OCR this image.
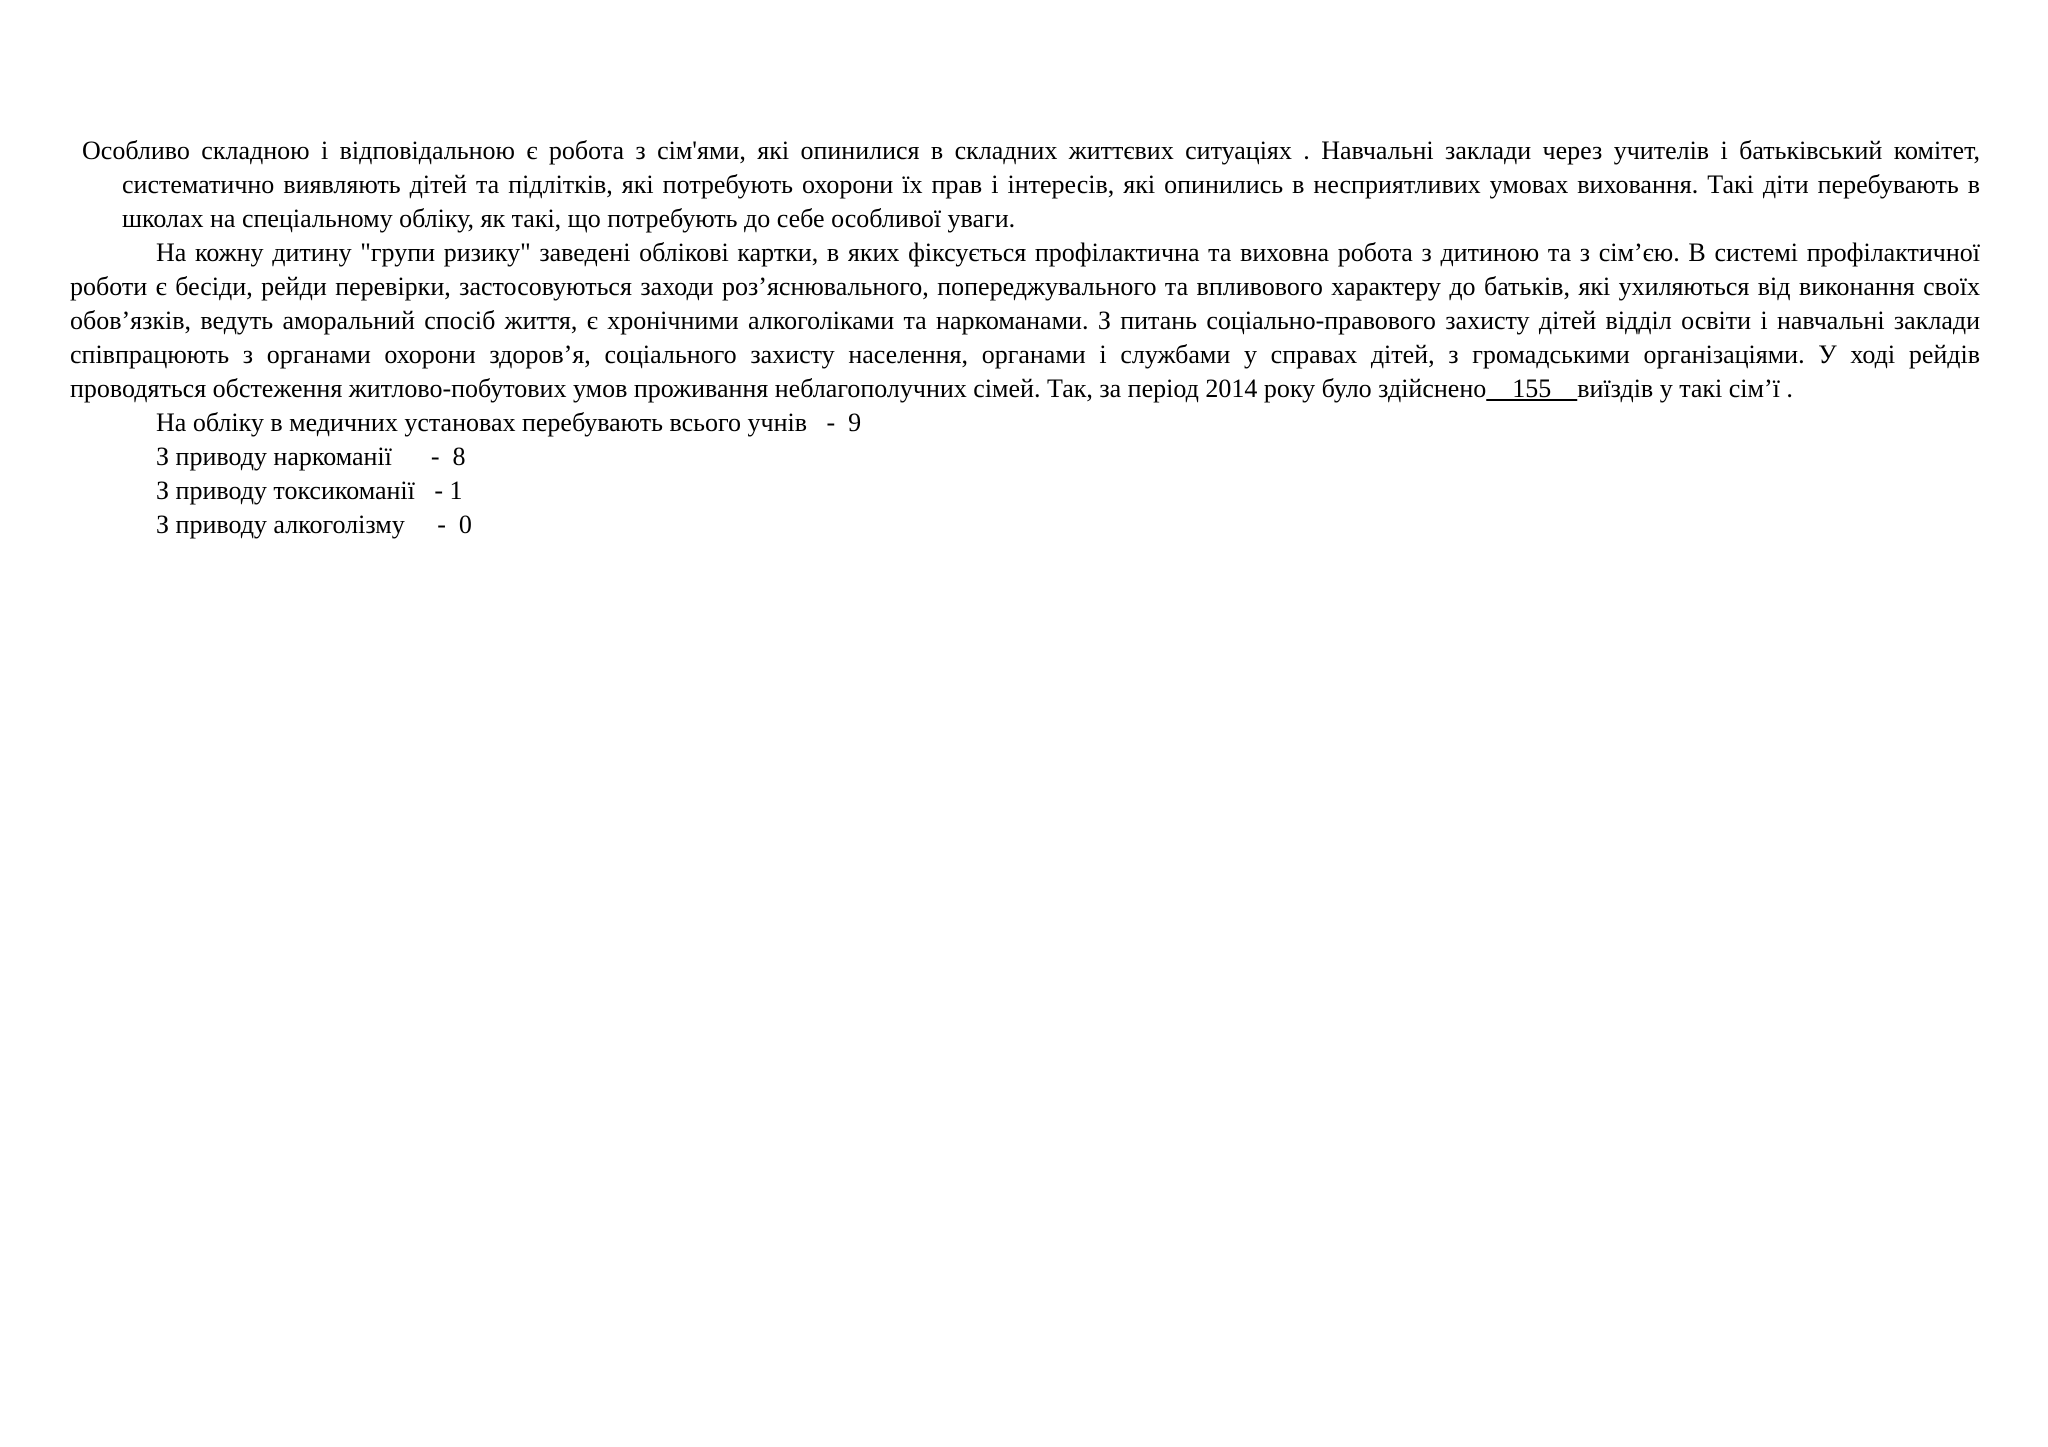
Особливо складною і відповідальною є робота з сім'ями, які опинилися в складних життєвих ситуаціях . Навчальні заклади через учителів і батьківський комітет, систематично виявляють дітей та підлітків, які потребують охорони їх прав і інтересів, які опинились в несприятливих умовах виховання. Такі діти перебувають в школах на спеціальному обліку, як такі, що потребують до себе особливої уваги.

На кожну дитину "групи ризику" заведені облікові картки, в яких фіксується профілактична та виховна робота з дитиною та з сім’єю. В системі профілактичної роботи є бесіди, рейди перевірки, застосовуються заходи роз’яснювального, попереджувального та впливового характеру до батьків, які ухиляються від виконання своїх обов’язків, ведуть аморальний спосіб життя, є хронічними алкоголіками та наркоманами. З питань соціально-правового захисту дітей відділ освіти і навчальні заклади співпрацюють з органами охорони здоров’я, соціального захисту населення, органами і службами у справах дітей, з громадськими організаціями. У ході рейдів проводяться обстеження житлово-побутових умов проживання неблагополучних сімей. Так, за період 2014 року було здійснено    155    виїздів у такі сім’ї .

На обліку в медичних установах перебувають всього учнів   -  9

З приводу наркоманії      -  8

З приводу токсикоманії   - 1

З приводу алкоголізму     -  0
